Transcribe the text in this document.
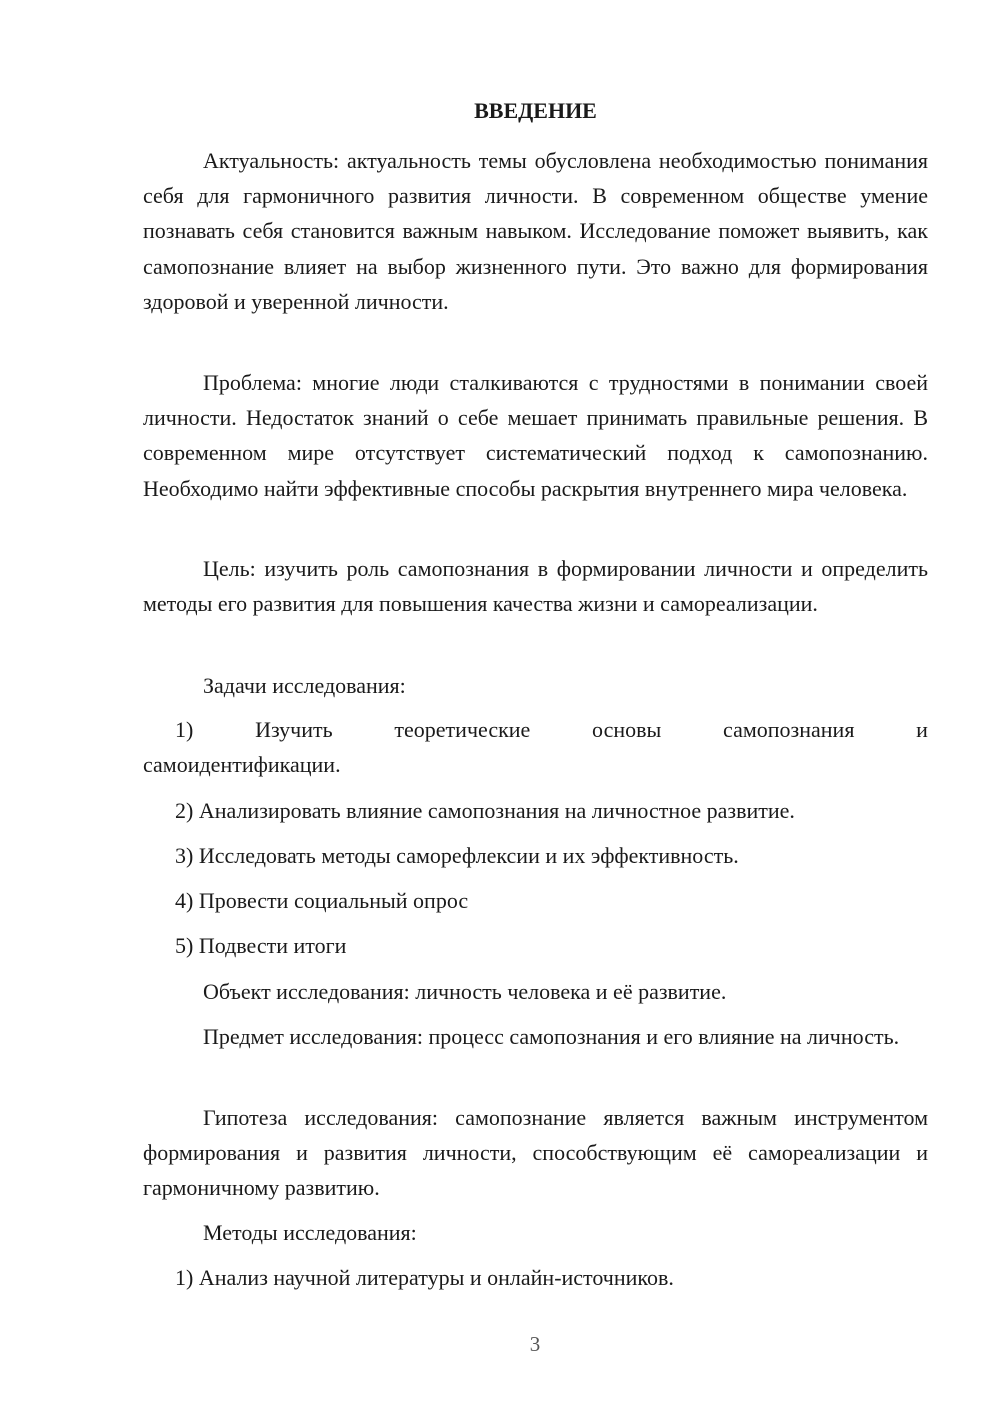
ВВЕДЕНИЕ

Актуальность: актуальность темы обусловлена необходимостью понимания себя для гармоничного развития личности. В современном обществе умение познавать себя становится важным навыком. Исследование поможет выявить, как самопознание влияет на выбор жизненного пути. Это важно для формирования здоровой и уверенной личности.

Проблема: многие люди сталкиваются с трудностями в понимании своей личности. Недостаток знаний о себе мешает принимать правильные решения. В современном мире отсутствует систематический подход к самопознанию. Необходимо найти эффективные способы раскрытия внутреннего мира человека.

Цель: изучить роль самопознания в формировании личности и определить методы его развития для повышения качества жизни и самореализации.

Задачи исследования:

1)	Изучить	теоретические	основы	самопознания	и

самоидентификации.

2) Анализировать влияние самопознания на личностное развитие.

3) Исследовать методы саморефлексии и их эффективность.

4) Провести социальный опрос

5) Подвести итоги

Объект исследования: личность человека и её развитие.

Предмет исследования: процесс самопознания и его влияние на личность.

Гипотеза исследования: самопознание является важным инструментом формирования и развития личности, способствующим её самореализации и гармоничному развитию.

Методы исследования:

1) Анализ научной литературы и онлайн-источников.

3
